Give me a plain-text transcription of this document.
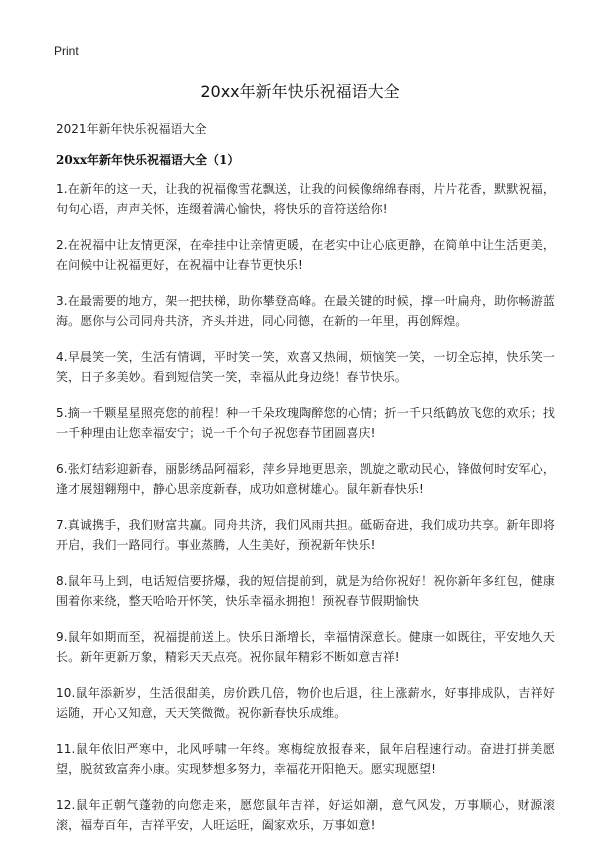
Print
20xx年新年快乐祝福语大全

2021年新年快乐祝福语大全

20xx年新年快乐祝福语大全（1）
1.在新年的这一天，让我的祝福像雪花飘送，让我的问候像绵绵春雨，片片花香，默默祝福，句句心语，声声关怀，连缀着满心愉快，将快乐的音符送给你!
2.在祝福中让友情更深，在牵挂中让亲情更暖，在老实中让心底更静，在简单中让生活更美，在问候中让祝福更好，在祝福中让春节更快乐!
3.在最需要的地方，架一把扶梯，助你攀登高峰。在最关键的时候，撑一叶扁舟，助你畅游蓝海。愿你与公司同舟共济，齐头并进，同心同德，在新的一年里，再创辉煌。
4.早晨笑一笑，生活有情调，平时笑一笑，欢喜又热闹，烦恼笑一笑，一切全忘掉，快乐笑一笑，日子多美妙。看到短信笑一笑，幸福从此身边绕！春节快乐。
5.摘一千颗星星照亮您的前程！种一千朵玫瑰陶醉您的心情；折一千只纸鹤放飞您的欢乐；找一千种理由让您幸福安宁；说一千个句子祝您春节团圆喜庆!
6.张灯结彩迎新春，丽影绣品阿福彩，萍乡异地更思亲，凯旋之歌动民心，锋做何时安军心，逢才展翅翱翔中，静心思亲度新春，成功如意树雄心。鼠年新春快乐!
7.真诚携手，我们财富共赢。同舟共济，我们风雨共担。砥砺奋进，我们成功共享。新年即将开启，我们一路同行。事业蒸腾，人生美好，预祝新年快乐!
8.鼠年马上到，电话短信要挤爆，我的短信提前到，就是为给你祝好！祝你新年多红包，健康围着你来绕，整天哈哈开怀笑，快乐幸福永拥抱！预祝春节假期愉快
9.鼠年如期而至，祝福提前送上。快乐日渐增长，幸福情深意长。健康一如既往，平安地久天长。新年更新万象，精彩天天点亮。祝你鼠年精彩不断如意吉祥!
10.鼠年添新岁，生活很甜美，房价跌几倍，物价也后退，往上涨薪水，好事排成队，吉祥好运随，开心又知意，天天笑微微。祝你新春快乐成维。
11.鼠年依旧严寒中，北风呼啸一年终。寒梅绽放报春来，鼠年启程速行动。奋进打拼美愿望，脱贫致富奔小康。实现梦想多努力，幸福花开阳艳天。愿实现愿望!
12.鼠年正朝气蓬勃的向您走来，愿您鼠年吉祥，好运如潮，意气风发，万事顺心，财源滚滚，福寿百年，吉祥平安，人旺运旺，阖家欢乐，万事如意!
